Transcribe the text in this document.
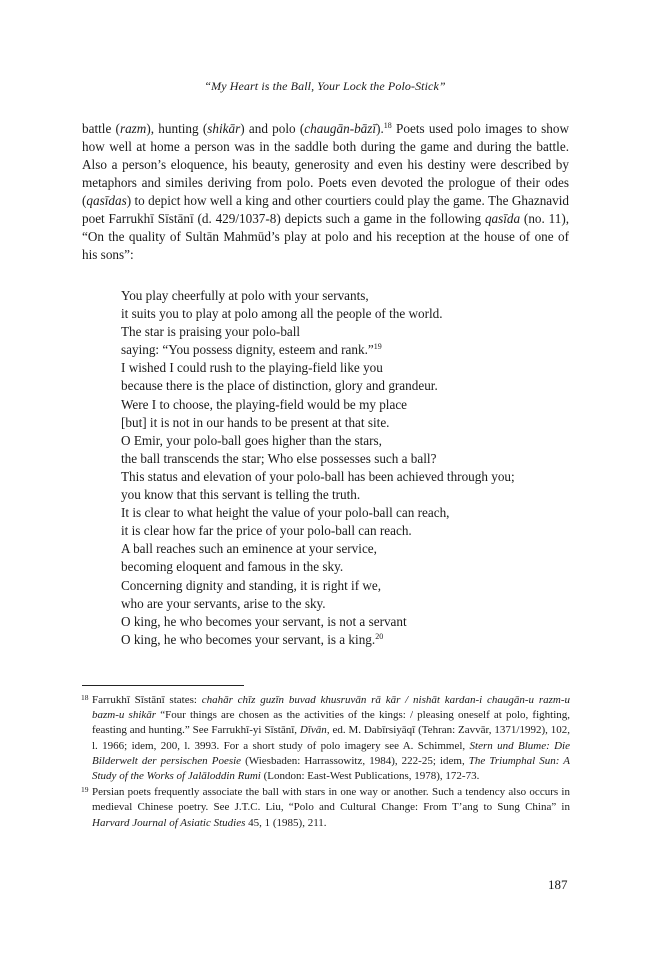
“My Heart is the Ball, Your Lock the Polo-Stick”

battle (razm), hunting (shikār) and polo (chaugān-bāzī).$^{18}$ Poets used polo images to show how well at home a person was in the saddle both during the game and during the battle. Also a person’s eloquence, his beauty, generosity and even his destiny were described by metaphors and similes deriving from polo. Poets even devoted the prologue of their odes (qasīdas) to depict how well a king and other courtiers could play the game. The Ghaznavid poet Farrukhī Sīstānī (d. 429/1037-8) depicts such a game in the following qasīda (no. 11), “On the quality of Sultān Mahmūd’s play at polo and his reception at the house of one of his sons”:

You play cheerfully at polo with your servants,
it suits you to play at polo among all the people of the world.
The star is praising your polo-ball
saying: “You possess dignity, esteem and rank.”$^{19}$
I wished I could rush to the playing-field like you
because there is the place of distinction, glory and grandeur.
Were I to choose, the playing-field would be my place
[but] it is not in our hands to be present at that site.
O Emir, your polo-ball goes higher than the stars,
the ball transcends the star; Who else possesses such a ball?
This status and elevation of your polo-ball has been achieved through you;
you know that this servant is telling the truth.
It is clear to what height the value of your polo-ball can reach,
it is clear how far the price of your polo-ball can reach.
A ball reaches such an eminence at your service,
becoming eloquent and famous in the sky.
Concerning dignity and standing, it is right if we,
who are your servants, arise to the sky.
O king, he who becomes your servant, is not a servant
O king, he who becomes your servant, is a king.$^{20}$
18 Farrukhī Sīstānī states: chahār chīz guzīn buvad khusruvān rā kār / nishāt kardan-i chaugān-u razm-u bazm-u shikār “Four things are chosen as the activities of the kings: / pleasing oneself at polo, fighting, feasting and hunting.” See Farrukhī-yi Sīstānī, Dīvān, ed. M. Dabīrsiyāqī (Tehran: Zavvār, 1371/1992), 102, l. 1966; idem, 200, l. 3993. For a short study of polo imagery see A. Schimmel, Stern und Blume: Die Bilderwelt der persischen Poesie (Wiesbaden: Harrassowitz, 1984), 222-25; idem, The Triumphal Sun: A Study of the Works of Jalāloddin Rumi (London: East-West Publications, 1978), 172-73.
19 Persian poets frequently associate the ball with stars in one way or another. Such a tendency also occurs in medieval Chinese poetry. See J.T.C. Liu, “Polo and Cultural Change: From T’ang to Sung China” in Harvard Journal of Asiatic Studies 45, 1 (1985), 211.
187
